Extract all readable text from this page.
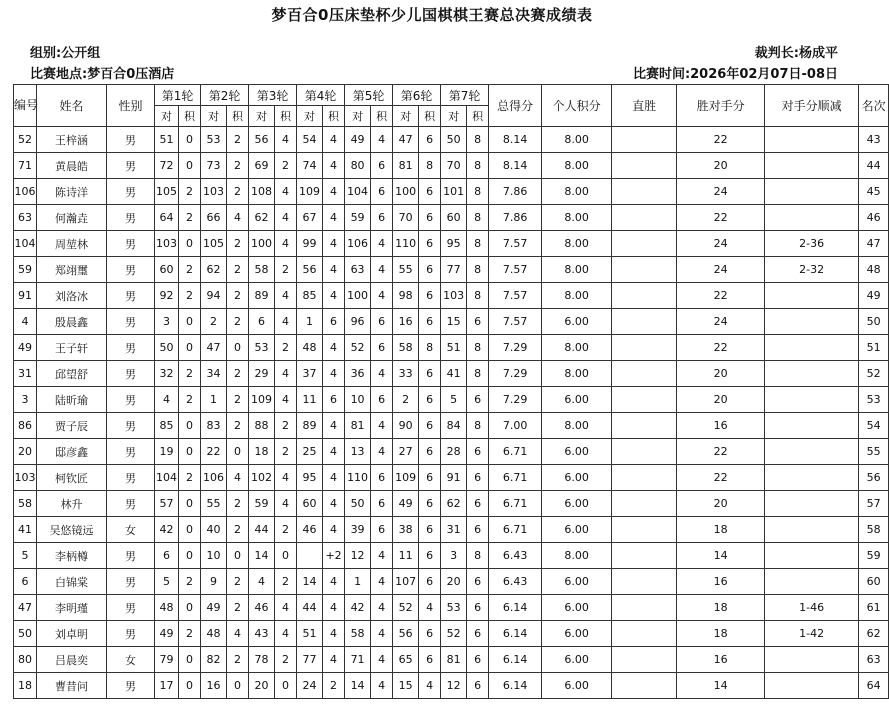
梦百合0压床垫杯少儿国棋棋王赛总决赛成绩表
组别:公开组
比赛地点:梦百合0压酒店
裁判长:杨成平
比赛时间:2026年02月07日-08日
编号	姓名	性别	第1轮		第2轮		第3轮		第4轮		第5轮		第6轮		第7轮		总得分	个人积分	直胜	胜对手分	对手分顺减	名次
			对	积	对	积	对	积	对	积	对	积	对	积	对	积						
52	王梓涵	男	51	0	53	2	56	4	54	4	49	4	47	6	50	8	8.14	8.00		22		43
71	黄晨皓	男	72	0	73	2	69	2	74	4	80	6	81	8	70	8	8.14	8.00		20		44
106	陈诗洋	男	105	2	103	2	108	4	109	4	104	6	100	6	101	8	7.86	8.00		24		45
63	何瀚垚	男	64	2	66	4	62	4	67	4	59	6	70	6	60	8	7.86	8.00		22		46
104	周堃林	男	103	0	105	2	100	4	99	4	106	4	110	6	95	8	7.57	8.00		24	2-36	47
59	郑翊璽	男	60	2	62	2	58	2	56	4	63	4	55	6	77	8	7.57	8.00		24	2-32	48
91	刘洛冰	男	92	2	94	2	89	4	85	4	100	4	98	6	103	8	7.57	8.00		22		49
4	殷晨鑫	男	3	0	2	2	6	4	1	6	96	6	16	6	15	6	7.57	6.00		24		50
49	王子轩	男	50	0	47	0	53	2	48	4	52	6	58	8	51	8	7.29	8.00		22		51
31	邱望舒	男	32	2	34	2	29	4	37	4	36	4	33	6	41	8	7.29	8.00		20		52
3	陆昕瑜	男	4	2	1	2	109	4	11	6	10	6	2	6	5	6	7.29	6.00		20		53
86	贾子辰	男	85	0	83	2	88	2	89	4	81	4	90	6	84	8	7.00	8.00		16		54
20	邸彦鑫	男	19	0	22	0	18	2	25	4	13	4	27	6	28	6	6.71	6.00		22		55
103	柯钦匠	男	104	2	106	4	102	4	95	4	110	6	109	6	91	6	6.71	6.00		22		56
58	林升	男	57	0	55	2	59	4	60	4	50	6	49	6	62	6	6.71	6.00		20		57
41	吴悠镜远	女	42	0	40	2	44	2	46	4	39	6	38	6	31	6	6.71	6.00		18		58
5	李柄樽	男	6	0	10	0	14	0		+2	12	4	11	6	3	8	6.43	8.00		14		59
6	白锦棠	男	5	2	9	2	4	2	14	4	1	4	107	6	20	6	6.43	6.00		16		60
47	李明瑾	男	48	0	49	2	46	4	44	4	42	4	52	4	53	6	6.14	6.00		18	1-46	61
50	刘卓明	男	49	2	48	4	43	4	51	4	58	4	56	6	52	6	6.14	6.00		18	1-42	62
80	吕晨奕	女	79	0	82	2	78	2	77	4	71	4	65	6	81	6	6.14	6.00		16		63
18	曹昔问	男	17	0	16	0	20	0	24	2	14	4	15	4	12	6	6.14	6.00		14		64
